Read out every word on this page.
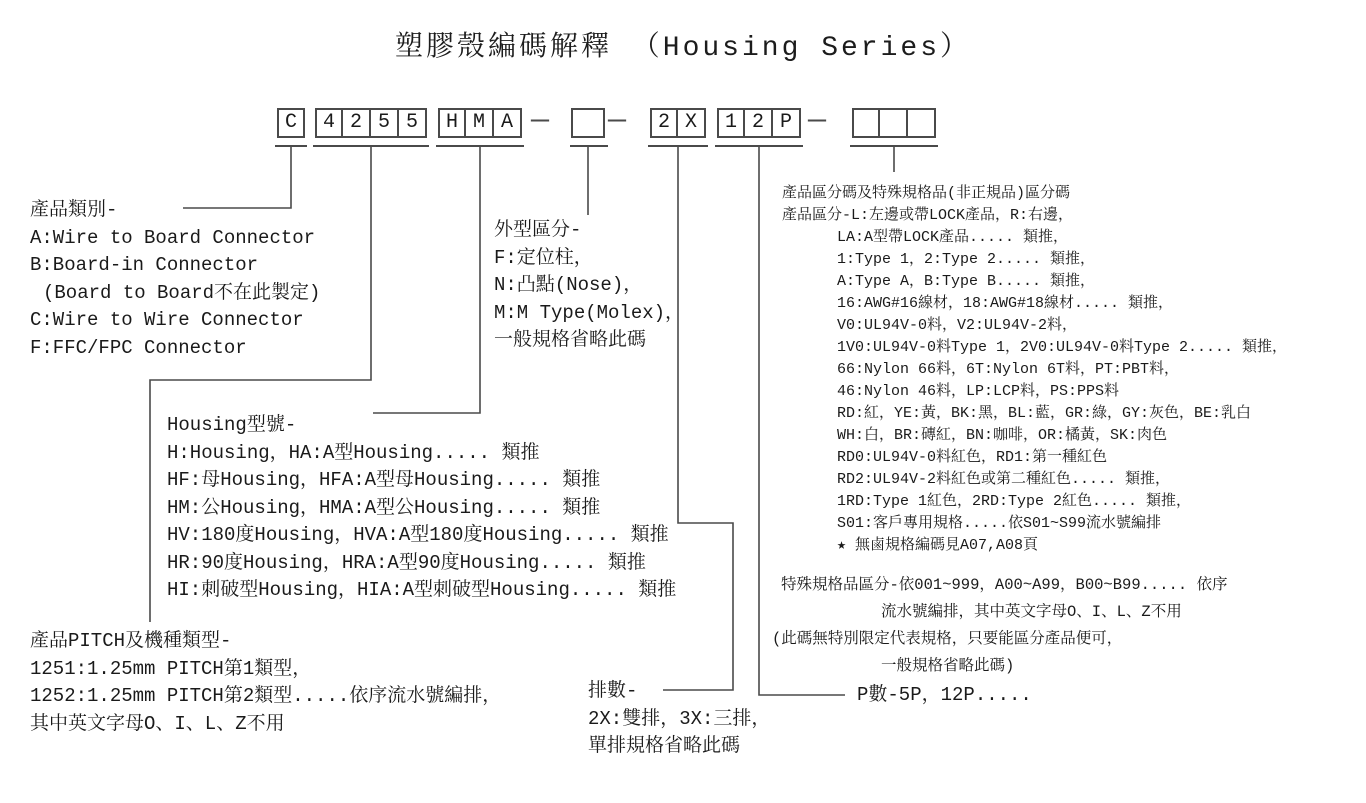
塑膠殼編碼解釋 （Housing Series）
C	4 2 5 5	H M A — —	2 X	1 2 P —
產品類別-
A:Wire to Board Connector
B:Board-in Connector
(Board to Board不在此製定)
C:Wire to Wire Connector
F:FFC/FPC Connector
外型區分-
F:定位柱，
N:凸點(Nose)，
M:M Type(Molex)，
一般規格省略此碼
Housing型號-
H:Housing，HA:A型Housing..... 類推
HF:母Housing，HFA:A型母Housing..... 類推
HM:公Housing，HMA:A型公Housing..... 類推
HV:180度Housing，HVA:A型180度Housing..... 類推
HR:90度Housing，HRA:A型90度Housing..... 類推
HI:刺破型Housing，HIA:A型刺破型Housing..... 類推
產品PITCH及機種類型-
1251:1.25mm PITCH第1類型，
1252:1.25mm PITCH第2類型.....依序流水號編排，
其中英文字母O、I、L、Z不用
排數-
2X:雙排，3X:三排，
單排規格省略此碼
P數-5P，12P.....
產品區分碼及特殊規格品(非正規品)區分碼
產品區分-L:左邊或帶LOCK產品，R:右邊，
LA:A型帶LOCK產品..... 類推，
1:Type 1，2:Type 2..... 類推，
A:Type A，B:Type B..... 類推，
16:AWG#16線材，18:AWG#18線材..... 類推，
V0:UL94V-0料，V2:UL94V-2料，
1V0:UL94V-0料Type 1，2V0:UL94V-0料Type 2..... 類推，
66:Nylon 66料，6T:Nylon 6T料，PT:PBT料，
46:Nylon 46料，LP:LCP料，PS:PPS料
RD:紅，YE:黃，BK:黑，BL:藍，GR:綠，GY:灰色，BE:乳白
WH:白，BR:磚紅，BN:咖啡，OR:橘黃，SK:肉色
RD0:UL94V-0料紅色，RD1:第一種紅色
RD2:UL94V-2料紅色或第二種紅色..... 類推，
1RD:Type 1紅色，2RD:Type 2紅色..... 類推，
S01:客戶專用規格.....依S01~S99流水號編排
★ 無鹵規格編碼見A07,A08頁
特殊規格品區分-依001~999，A00~A99，B00~B99..... 依序
流水號編排，其中英文字母O、I、L、Z不用
(此碼無特別限定代表規格，只要能區分產品便可，
一般規格省略此碼)
